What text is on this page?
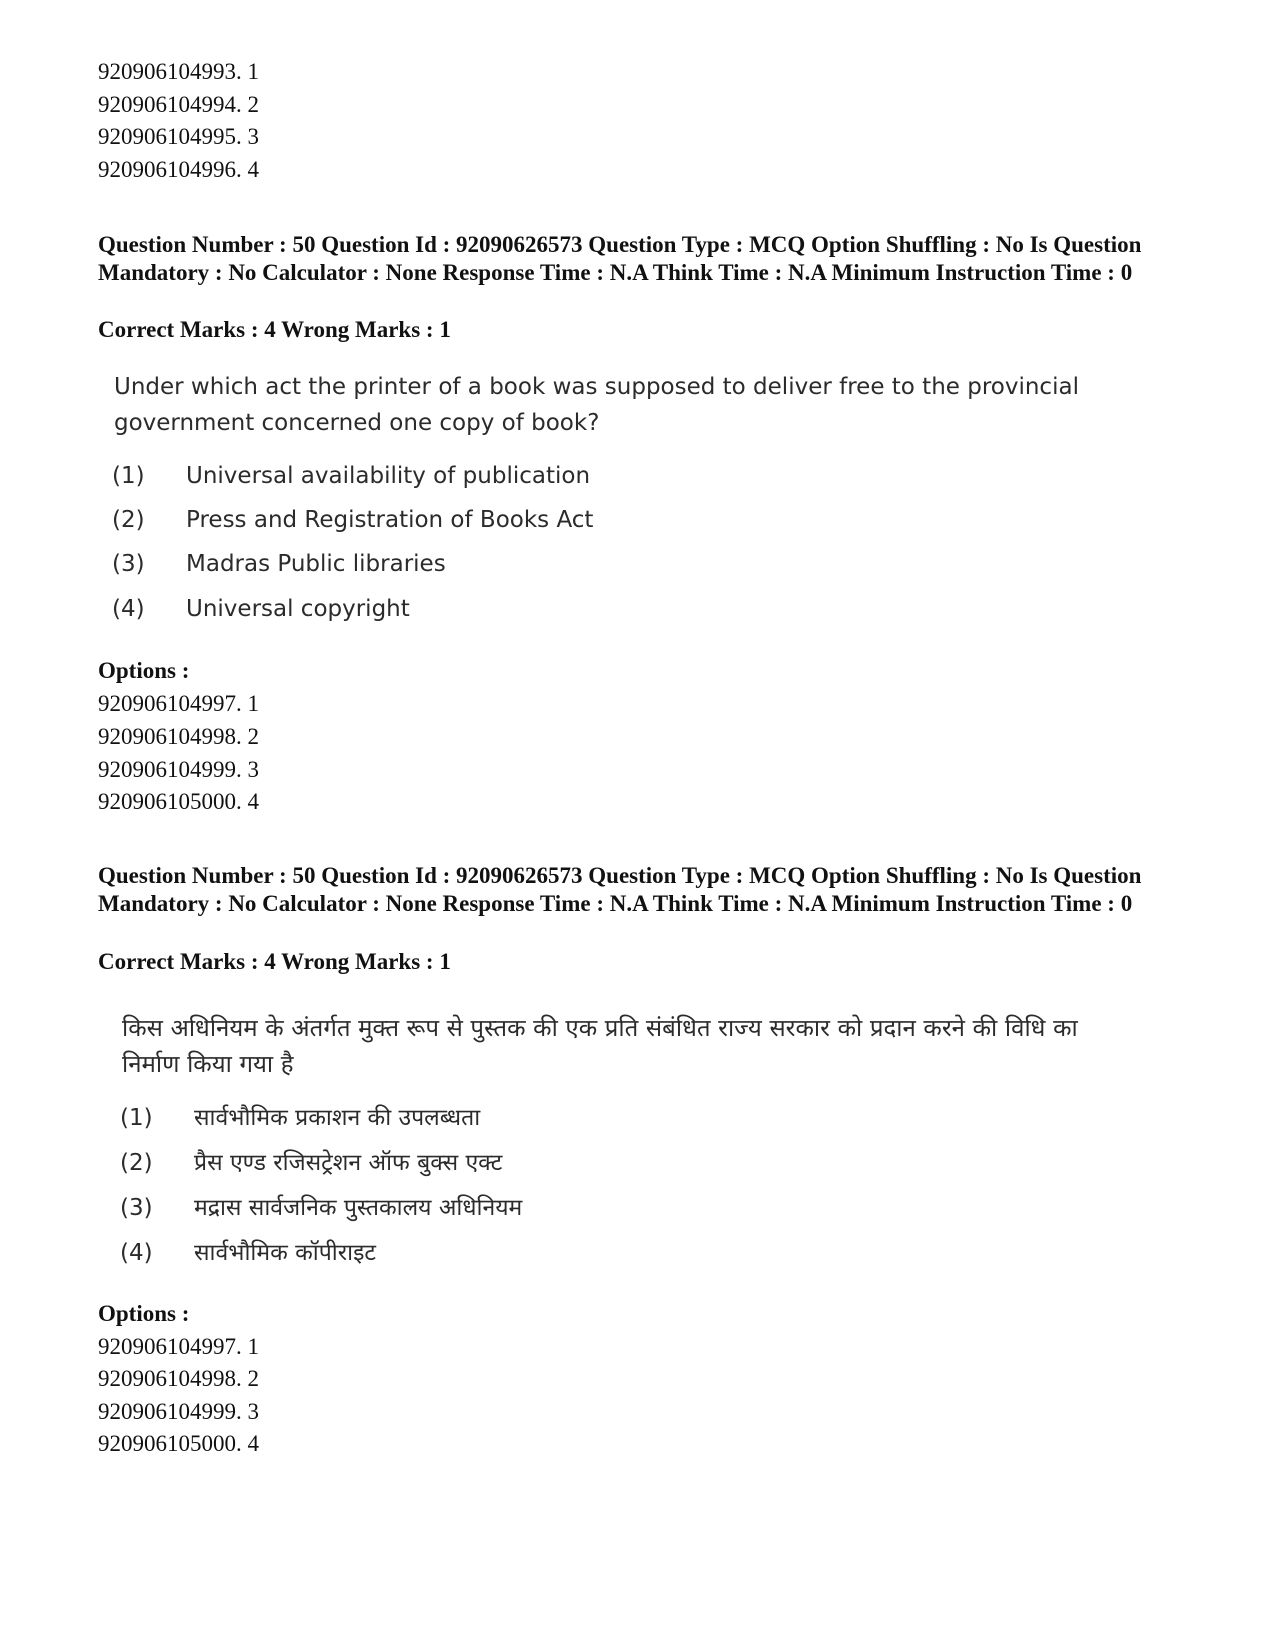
920906104993. 1
920906104994. 2
920906104995. 3
920906104996. 4
Question Number : 50 Question Id : 92090626573 Question Type : MCQ Option Shuffling : No Is Question Mandatory : No Calculator : None Response Time : N.A Think Time : N.A Minimum Instruction Time : 0
Correct Marks : 4 Wrong Marks : 1
Under which act the printer of a book was supposed to deliver free to the provincial government concerned one copy of book?
(1)	Universal availability of publication
(2)	Press and Registration of Books Act
(3)	Madras Public libraries
(4)	Universal copyright
Options :
920906104997. 1
920906104998. 2
920906104999. 3
920906105000. 4
Question Number : 50 Question Id : 92090626573 Question Type : MCQ Option Shuffling : No Is Question Mandatory : No Calculator : None Response Time : N.A Think Time : N.A Minimum Instruction Time : 0
Correct Marks : 4 Wrong Marks : 1
किस अधिनियम के अंतर्गत मुक्त रूप से पुस्तक की एक प्रति संबंधित राज्य सरकार को प्रदान करने की विधि का निर्माण किया गया है
(1)	सार्वभौमिक प्रकाशन की उपलब्धता
(2)	प्रैस एण्ड रजिसट्रेशन ऑफ बुक्स एक्ट
(3)	मद्रास सार्वजनिक पुस्तकालय अधिनियम
(4)	सार्वभौमिक कॉपीराइट
Options :
920906104997. 1
920906104998. 2
920906104999. 3
920906105000. 4
